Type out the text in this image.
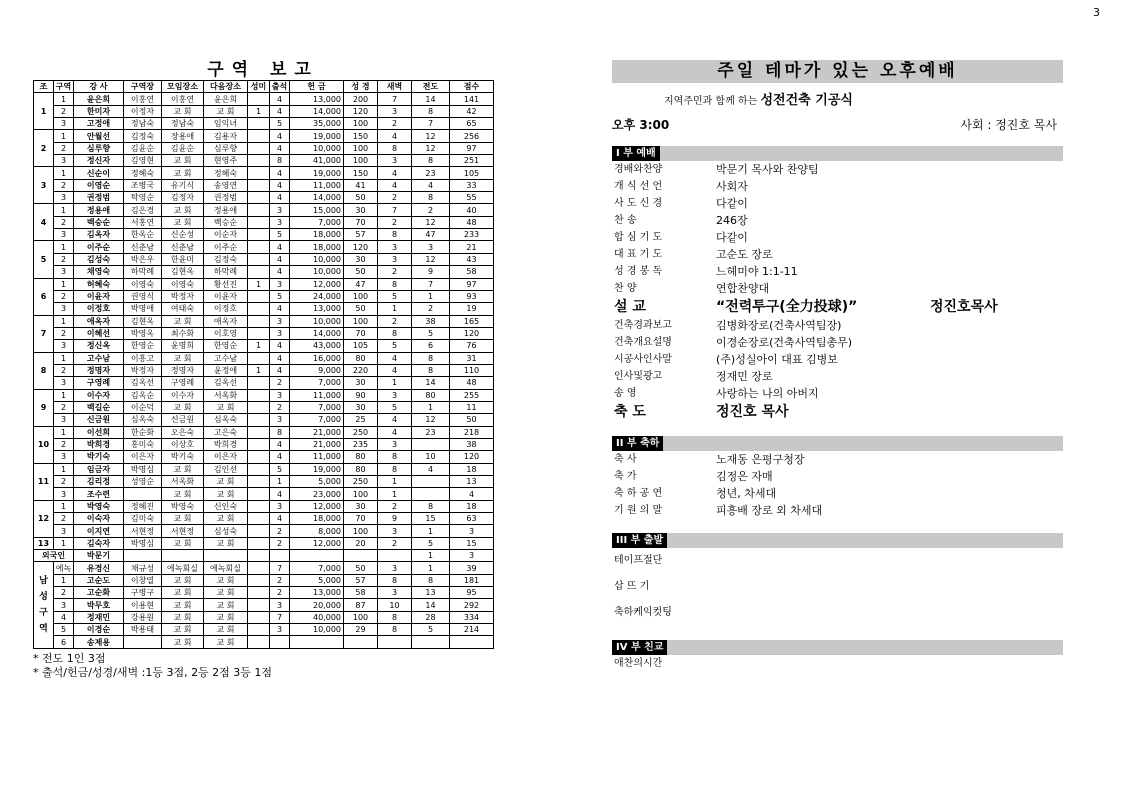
3
구역 보고
조	구역	강 사	구역장	모임장소	다음장소	성미	출석	헌 금	성 경	새벽	전도	점수
1	1	윤은희	이홍연	이홍연	윤은희		4	13,000	200	7	14	141
	2	한미자	이정자	교 회	교 회	1	4	14,000	120	3	8	42
	3	고정애	정남숙	정남숙	임익녀		5	35,000	100	2	7	65
2	1	안월선	김정숙	장용애	김용자		4	19,000	150	4	12	256
	2	심루향	김윤순	김윤순	심루향		4	10,000	100	8	12	97
	3	정신자	김영현	교 회	현영주		8	41,000	100	3	8	251
3	1	신순이	정혜숙	교 회	정혜숙		4	19,000	150	4	23	105
	2	이영순	조병국	유기식	송영연		4	11,000	41	4	4	33
	3	권정범	탁영순	김정자	권정범		4	14,000	50	2	8	55
4	1	정용애	김은경	교 회	정용애		3	15,000	30	7	2	40
	2	백승순	서홍연	교 회	백승순		3	7,000	70	2	12	48
	3	김옥자	한옥순	신순성	이순자		5	18,000	57	8	47	233
5	1	이주순	신춘남	신춘남	이주순		4	18,000	120	3	3	21
	2	김성숙	박은우	한윤미	김정숙		4	10,000	30	3	12	43
	3	채영숙	하막례	김현옥	하막례		4	10,000	50	2	9	58
6	1	허혜숙	이영숙	이영숙	황선진	1	3	12,000	47	8	7	97
	2	이윤자	권영식	박정자	이윤자		5	24,000	100	5	1	93
	3	이정호	박명애	여태숙	이정호		4	13,000	50	1	2	19
7	1	애옥자	김현옥	교 회	애옥자		3	10,000	100	2	38	165
	2	이혜선	박영옥	최수화	이호영		3	14,000	70	8	5	120
	3	정신옥	한영순	윤명희	한영순	1	4	43,000	105	5	6	76
8	1	고수남	이흥고	교 회	고수남		4	16,000	80	4	8	31
	2	정명자	박정자	정명자	윤정애	1	4	9,000	220	4	8	110
	3	구영례	김옥선	구영례	김옥선		2	7,000	30	1	14	48
9	1	이수자	김옥순	이수자	서옥화		3	11,000	90	3	80	255
	2	백길순	이순덕	교 회	교 회		2	7,000	30	5	1	11
	3	신금원	심옥숙	신금원	심옥숙		3	7,000	25	4	12	50
10	1	이선희	한순화	오은숙	고은숙		8	21,000	250	4	23	218
	2	박희경	홍미숙	이상호	박희경		4	21,000	235	3		38
	3	박기숙	이은자	박기숙	이은자		4	11,000	80	8	10	120
11	1	임금자	박명심	교 회	김인선		5	19,000	80	8	4	18
	2	김리정	성영순	서옥화	교 회		1	5,000	250	1		13
	3	조수련		교 회	교 회		4	23,000	100	1		4
12	1	박영숙	정혜진	박영숙	신인숙		3	12,000	30	2	8	18
	2	이숙자	김미숙	교 회	교 회		4	18,000	70	9	15	63
	3	이지연	서현정	서현정	심성숙		2	8,000	100	3	1	3
13	1	김숙자	박명심	교 회	교 회		2	12,000	20	2	5	15
외국인		박문기									1	3
남성구역	에녹	유경신	채규성	에녹회실	에녹회실		7	7,000	50	3	1	39
	1	고순도	이창열	교 회	교 회		2	5,000	57	8	8	181
	2	고순화	구병구	교 회	교 회		2	13,000	58	3	13	95
	3	박무호	이용현	교 회	교 회		3	20,000	87	10	14	292
	4	정재민	강용원	교 회	교 회		7	40,000	100	8	28	334
	5	이경순	박용태	교 회	교 회		3	10,000	29	8	5	214
	6	송제용		교 회	교 회							
* 전도 1인 3점
* 출석/헌금/성경/새벽 :1등 3점, 2등 2점 3등 1점
주일 테마가 있는 오후예배
지역주민과 함께 하는 성전건축 기공식
오후 3:00	사회 : 정진호 목사
I 부 예배
경배와찬양	박문기 목사와 찬양팀
개 식 선 언	사회자
사 도 신 경	다같이
찬 송	246장
합 심 기 도	다같이
대 표 기 도	고순도 장로
성 경 봉 독	느헤미야 1:1-11
찬 양	연합찬양대
설 교	“전력투구(全力投球)”	정진호목사
건축경과보고	김병화장로(건축사역팀장)
건축개요설명	이경순장로(건축사역팀총무)
시공사인사말	(주)성실아이 대표 김병보
인사및광고	정재민 장로
송 영	사랑하는 나의 아버지
축 도	정진호 목사
II 부 축하
축 사	노재동 은평구청장
축 가	김정은 자매
축 하 공 연	청년, 차세대
기 원 의 말	피흥배 장로 외 차세대
III 부 출발
테이프절단
삽 뜨 기
축하케익컷팅
IV 부 친교
애찬의시간
